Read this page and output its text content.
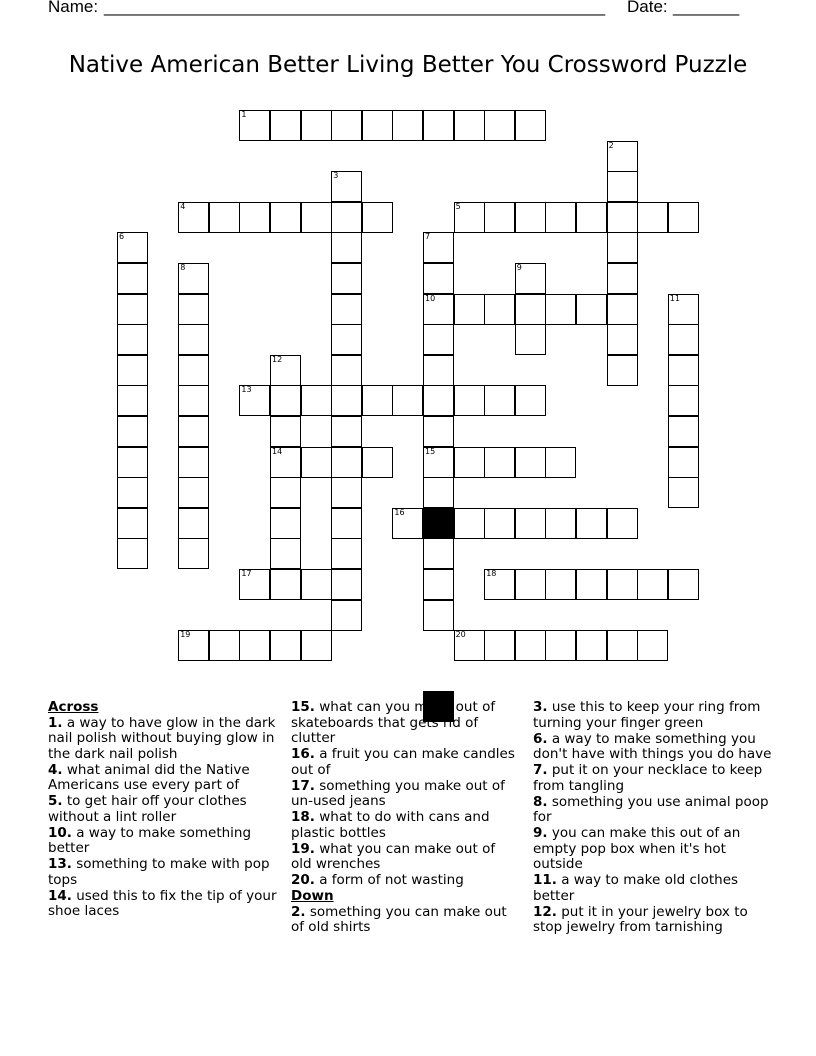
Name: _____________________________________________________ Date: _______
Native American Better Living Better You Crossword Puzzle
1
2
3
4	5
6	7
10
15
8	9
11
12
14
13
16
17	18
19	20
Across
1. a way to have glow in the dark nail polish without buying glow in the dark nail polish
4. what animal did the Native Americans use every part of
5. to get hair off your clothes without a lint roller
10. a way to make something better
13. something to make with pop tops
14. used this to fix the tip of your shoe laces
15. what can you make out of skateboards that gets rid of clutter
16. a fruit you can make candles out of
17. something you make out of un-used jeans
18. what to do with cans and plastic bottles
19. what you can make out of old wrenches
20. a form of not wasting
Down
2. something you can make out of old shirts
3. use this to keep your ring from turning your finger green
6. a way to make something you don't have with things you do have
7. put it on your necklace to keep from tangling
8. something you use animal poop for
9. you can make this out of an empty pop box when it's hot outside
11. a way to make old clothes better
12. put it in your jewelry box to stop jewelry from tarnishing
